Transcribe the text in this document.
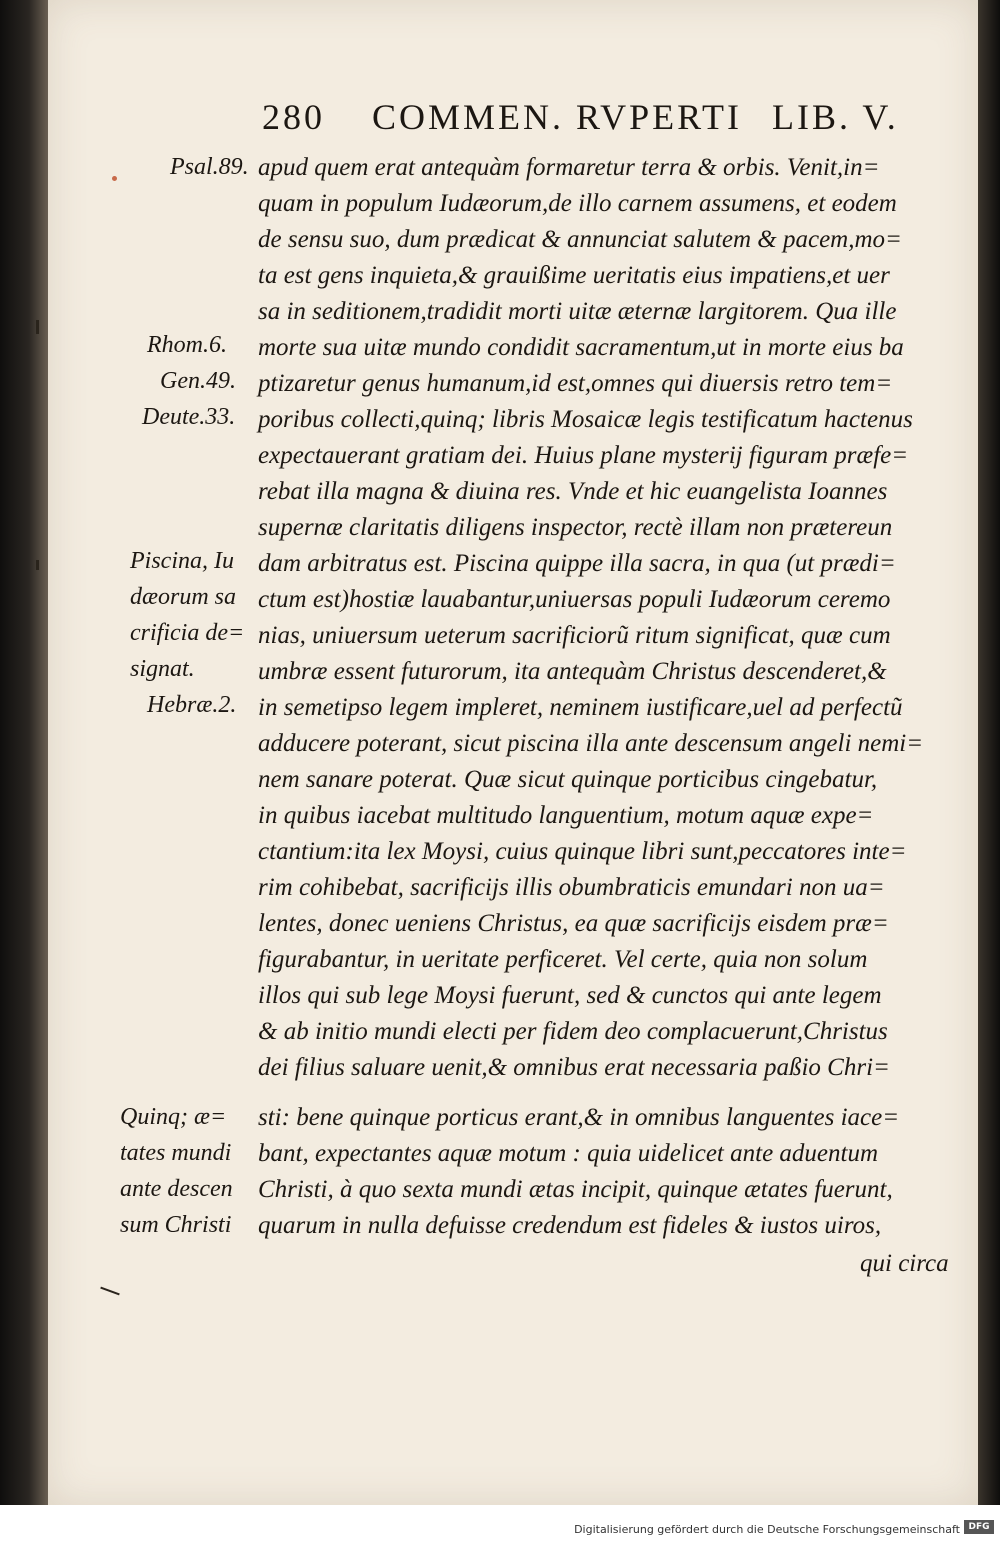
280 COMMEN. RVPERTI LIB. V.
Psal.89.
Rhom.6.
Gen.49.
Deute.33.
Piscina, Iu
dæorum sa
crificia de=
signat.
Hebræ.2.
Quinq; æ=
tates mundi
ante descen
sum Christi
apud quem erat antequàm formaretur terra & orbis. Venit,in=
quam in populum Iudæorum,de illo carnem assumens, et eodem
de sensu suo, dum prædicat & annunciat salutem & pacem,mo=
ta est gens inquieta,& grauißime ueritatis eius impatiens,et uer
sa in seditionem,tradidit morti uitæ æternæ largitorem. Qua ille
morte sua uitæ mundo condidit sacramentum,ut in morte eius ba
ptizaretur genus humanum,id est,omnes qui diuersis retro tem=
poribus collecti,quinq; libris Mosaicæ legis testificatum hactenus
expectauerant gratiam dei. Huius plane mysterij figuram præfe=
rebat illa magna & diuina res. Vnde et hic euangelista Ioannes
supernæ claritatis diligens inspector, rectè illam non prætereun
dam arbitratus est. Piscina quippe illa sacra, in qua (ut prædi=
ctum est)hostiæ lauabantur,uniuersas populi Iudæorum ceremo
nias, uniuersum ueterum sacrificiorũ ritum significat, quæ cum
umbræ essent futurorum, ita antequàm Christus descenderet,&
in semetipso legem impleret, neminem iustificare,uel ad perfectũ
adducere poterant, sicut piscina illa ante descensum angeli nemi=
nem sanare poterat. Quæ sicut quinque porticibus cingebatur,
in quibus iacebat multitudo languentium, motum aquæ expe=
ctantium:ita lex Moysi, cuius quinque libri sunt,peccatores inte=
rim cohibebat, sacrificijs illis obumbraticis emundari non ua=
lentes, donec ueniens Christus, ea quæ sacrificijs eisdem præ=
figurabantur, in ueritate perficeret. Vel certe, quia non solum
illos qui sub lege Moysi fuerunt, sed & cunctos qui ante legem
& ab initio mundi electi per fidem deo complacuerunt,Christus
dei filius saluare uenit,& omnibus erat necessaria paßio Chri=
sti: bene quinque porticus erant,& in omnibus languentes iace=
bant, expectantes aquæ motum : quia uidelicet ante aduentum
Christi, à quo sexta mundi ætas incipit, quinque ætates fuerunt,
quarum in nulla defuisse credendum est fideles & iustos uiros,
qui circa
Digitalisierung gefördert durch die Deutsche Forschungsgemeinschaft DFG
